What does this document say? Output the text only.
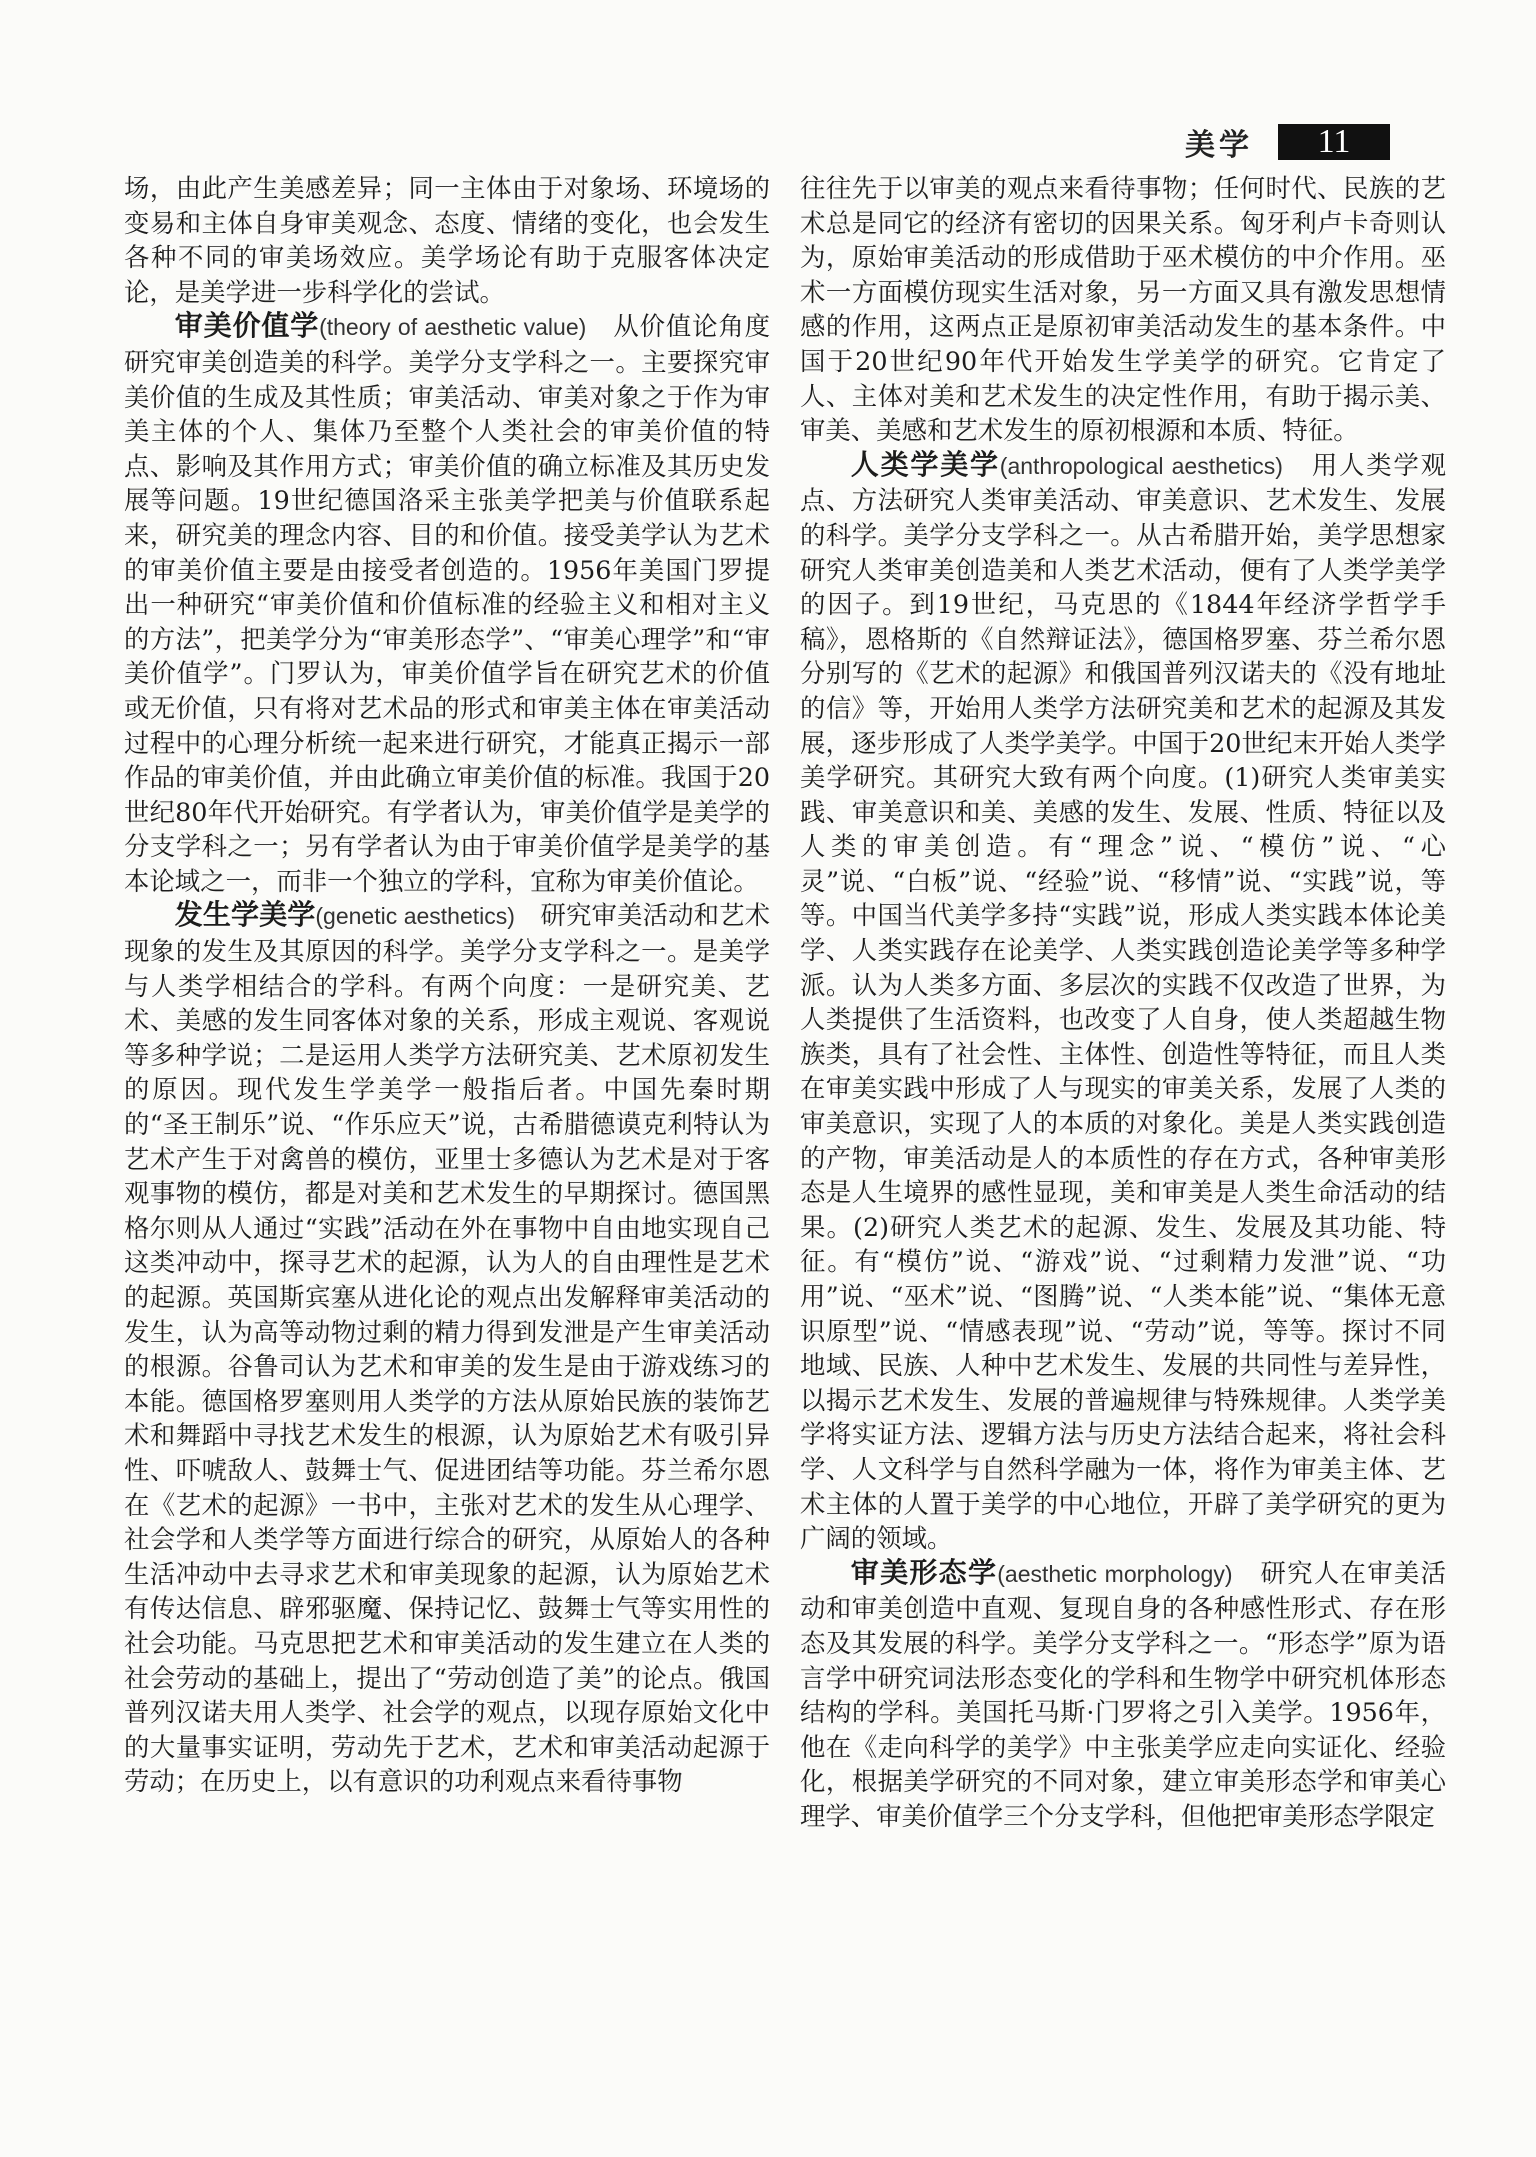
美学	11

场，由此产生美感差异；同一主体由于对象场、环境场的变易和主体自身审美观念、态度、情绪的变化，也会发生各种不同的审美场效应。美学场论有助于克服客体决定论，是美学进一步科学化的尝试。

审美价值学(theory of aesthetic value)　从价值论角度研究审美创造美的科学。美学分支学科之一。主要探究审美价值的生成及其性质；审美活动、审美对象之于作为审美主体的个人、集体乃至整个人类社会的审美价值的特点、影响及其作用方式；审美价值的确立标准及其历史发展等问题。19世纪德国洛采主张美学把美与价值联系起来，研究美的理念内容、目的和价值。接受美学认为艺术的审美价值主要是由接受者创造的。1956年美国门罗提出一种研究“审美价值和价值标准的经验主义和相对主义的方法”，把美学分为“审美形态学”、“审美心理学”和“审美价值学”。门罗认为，审美价值学旨在研究艺术的价值或无价值，只有将对艺术品的形式和审美主体在审美活动过程中的心理分析统一起来进行研究，才能真正揭示一部作品的审美价值，并由此确立审美价值的标准。我国于20世纪80年代开始研究。有学者认为，审美价值学是美学的分支学科之一；另有学者认为由于审美价值学是美学的基本论域之一，而非一个独立的学科，宜称为审美价值论。

发生学美学(genetic aesthetics)　研究审美活动和艺术现象的发生及其原因的科学。美学分支学科之一。是美学与人类学相结合的学科。有两个向度：一是研究美、艺术、美感的发生同客体对象的关系，形成主观说、客观说等多种学说；二是运用人类学方法研究美、艺术原初发生的原因。现代发生学美学一般指后者。中国先秦时期的“圣王制乐”说、“作乐应天”说，古希腊德谟克利特认为艺术产生于对禽兽的模仿，亚里士多德认为艺术是对于客观事物的模仿，都是对美和艺术发生的早期探讨。德国黑格尔则从人通过“实践”活动在外在事物中自由地实现自己这类冲动中，探寻艺术的起源，认为人的自由理性是艺术的起源。英国斯宾塞从进化论的观点出发解释审美活动的发生，认为高等动物过剩的精力得到发泄是产生审美活动的根源。谷鲁司认为艺术和审美的发生是由于游戏练习的本能。德国格罗塞则用人类学的方法从原始民族的装饰艺术和舞蹈中寻找艺术发生的根源，认为原始艺术有吸引异性、吓唬敌人、鼓舞士气、促进团结等功能。芬兰希尔恩在《艺术的起源》一书中，主张对艺术的发生从心理学、社会学和人类学等方面进行综合的研究，从原始人的各种生活冲动中去寻求艺术和审美现象的起源，认为原始艺术有传达信息、辟邪驱魔、保持记忆、鼓舞士气等实用性的社会功能。马克思把艺术和审美活动的发生建立在人类的社会劳动的基础上，提出了“劳动创造了美”的论点。俄国普列汉诺夫用人类学、社会学的观点，以现存原始文化中的大量事实证明，劳动先于艺术，艺术和审美活动起源于劳动；在历史上，以有意识的功利观点来看待事物

往往先于以审美的观点来看待事物；任何时代、民族的艺术总是同它的经济有密切的因果关系。匈牙利卢卡奇则认为，原始审美活动的形成借助于巫术模仿的中介作用。巫术一方面模仿现实生活对象，另一方面又具有激发思想情感的作用，这两点正是原初审美活动发生的基本条件。中国于20世纪90年代开始发生学美学的研究。它肯定了人、主体对美和艺术发生的决定性作用，有助于揭示美、审美、美感和艺术发生的原初根源和本质、特征。

人类学美学(anthropological aesthetics)　用人类学观点、方法研究人类审美活动、审美意识、艺术发生、发展的科学。美学分支学科之一。从古希腊开始，美学思想家研究人类审美创造美和人类艺术活动，便有了人类学美学的因子。到19世纪，马克思的《1844年经济学哲学手稿》，恩格斯的《自然辩证法》，德国格罗塞、芬兰希尔恩分别写的《艺术的起源》和俄国普列汉诺夫的《没有地址的信》等，开始用人类学方法研究美和艺术的起源及其发展，逐步形成了人类学美学。中国于20世纪末开始人类学美学研究。其研究大致有两个向度。(1)研究人类审美实践、审美意识和美、美感的发生、发展、性质、特征以及人类的审美创造。有“理念”说、“模仿”说、“心灵”说、“白板”说、“经验”说、“移情”说、“实践”说，等等。中国当代美学多持“实践”说，形成人类实践本体论美学、人类实践存在论美学、人类实践创造论美学等多种学派。认为人类多方面、多层次的实践不仅改造了世界，为人类提供了生活资料，也改变了人自身，使人类超越生物族类，具有了社会性、主体性、创造性等特征，而且人类在审美实践中形成了人与现实的审美关系，发展了人类的审美意识，实现了人的本质的对象化。美是人类实践创造的产物，审美活动是人的本质性的存在方式，各种审美形态是人生境界的感性显现，美和审美是人类生命活动的结果。(2)研究人类艺术的起源、发生、发展及其功能、特征。有“模仿”说、“游戏”说、“过剩精力发泄”说、“功用”说、“巫术”说、“图腾”说、“人类本能”说、“集体无意识原型”说、“情感表现”说、“劳动”说，等等。探讨不同地域、民族、人种中艺术发生、发展的共同性与差异性，以揭示艺术发生、发展的普遍规律与特殊规律。人类学美学将实证方法、逻辑方法与历史方法结合起来，将社会科学、人文科学与自然科学融为一体，将作为审美主体、艺术主体的人置于美学的中心地位，开辟了美学研究的更为广阔的领域。

审美形态学(aesthetic morphology)　研究人在审美活动和审美创造中直观、复现自身的各种感性形式、存在形态及其发展的科学。美学分支学科之一。“形态学”原为语言学中研究词法形态变化的学科和生物学中研究机体形态结构的学科。美国托马斯·门罗将之引入美学。1956年，他在《走向科学的美学》中主张美学应走向实证化、经验化，根据美学研究的不同对象，建立审美形态学和审美心理学、审美价值学三个分支学科，但他把审美形态学限定
